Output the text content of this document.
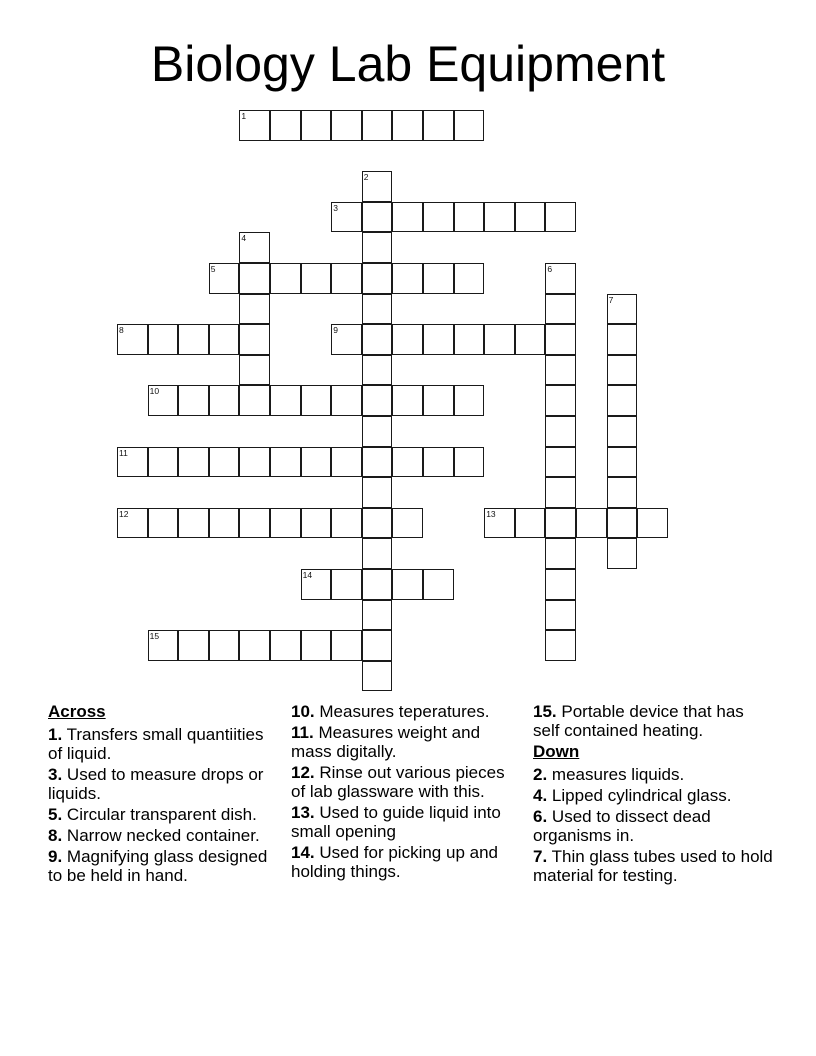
Biology Lab Equipment
1
2
3
4
5	6
7
8	9
10
11
12	13
14
15
Across
1. Transfers small quantiities of liquid.
3. Used to measure drops or liquids.
5. Circular transparent dish.
8. Narrow necked container.
9. Magnifying glass designed to be held in hand.
10. Measures teperatures.
11. Measures weight and mass digitally.
12. Rinse out various pieces of lab glassware with this.
13. Used to guide liquid into small opening
14. Used for picking up and holding things.
15. Portable device that has self contained heating.
Down
2. measures liquids.
4. Lipped cylindrical glass.
6. Used to dissect dead organisms in.
7. Thin glass tubes used to hold material for testing.
